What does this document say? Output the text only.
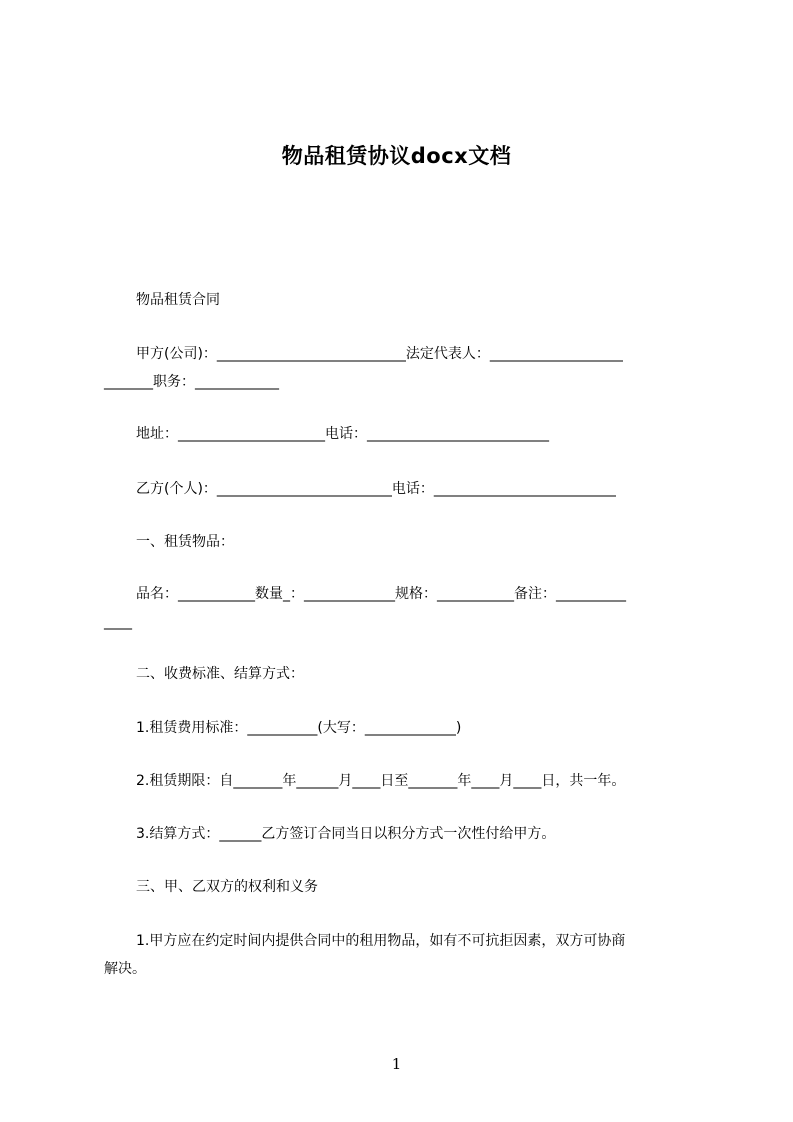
物品租赁协议docx文档

物品租赁合同

甲方(公司)：___________________________法定代表人：___________________

_______职务：____________

地址：_____________________电话：__________________________

乙方(个人)：_________________________电话：__________________________

一、租赁物品：

品名：___________数量_：_____________规格：___________备注：__________

____

二、收费标准、结算方式：

1.租赁费用标准：__________(大写：_____________)

2.租赁期限：自_______年______月____日至_______年____月____日，共一年。

3.结算方式：______乙方签订合同当日以积分方式一次性付给甲方。

三、甲、乙双方的权利和义务

1.甲方应在约定时间内提供合同中的租用物品，如有不可抗拒因素，双方可协商

解决。

1
